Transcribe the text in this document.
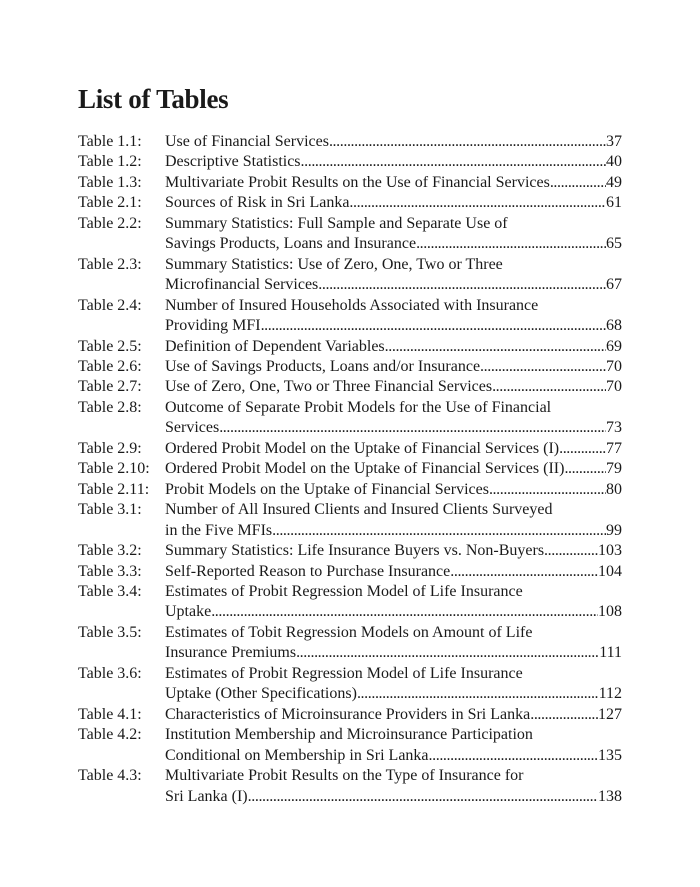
List of Tables
Table 1.1:	Use of Financial Services . . .	37
Table 1.2:	Descriptive Statistics . . .	40
Table 1.3:	Multivariate Probit Results on the Use of Financial Services . . .	49
Table 2.1:	Sources of Risk in Sri Lanka . . .	61
Table 2.2:	Summary Statistics: Full Sample and Separate Use of
Savings Products, Loans and Insurance . . .	65
Table 2.3:	Summary Statistics: Use of Zero, One, Two or Three
Microfinancial Services . . .	67
Table 2.4:	Number of Insured Households Associated with Insurance
Providing MFI . . .	68
Table 2.5:	Definition of Dependent Variables . . .	69
Table 2.6:	Use of Savings Products, Loans and/or Insurance . . .	70
Table 2.7:	Use of Zero, One, Two or Three Financial Services . . .	70
Table 2.8:	Outcome of Separate Probit Models for the Use of Financial
Services . . .	73
Table 2.9:	Ordered Probit Model on the Uptake of Financial Services (I) . . .	77
Table 2.10: Ordered Probit Model on the Uptake of Financial Services (II) . . .	79
Table 2.11: Probit Models on the Uptake of Financial Services . . .	80
Table 3.1:	Number of All Insured Clients and Insured Clients Surveyed
in the Five MFIs . . .	99
Table 3.2:	Summary Statistics: Life Insurance Buyers vs. Non-Buyers . . .	103
Table 3.3:	Self-Reported Reason to Purchase Insurance . . .	104
Table 3.4:	Estimates of Probit Regression Model of Life Insurance
Uptake . . .	108
Table 3.5:	Estimates of Tobit Regression Models on Amount of Life
Insurance Premiums . . .	111
Table 3.6:	Estimates of Probit Regression Model of Life Insurance
Uptake (Other Specifications) . . .	112
Table 4.1:	Characteristics of Microinsurance Providers in Sri Lanka . . .	127
Table 4.2:	Institution Membership and Microinsurance Participation
Conditional on Membership in Sri Lanka . . .	135
Table 4.3:	Multivariate Probit Results on the Type of Insurance for
Sri Lanka (I) . . .	138
